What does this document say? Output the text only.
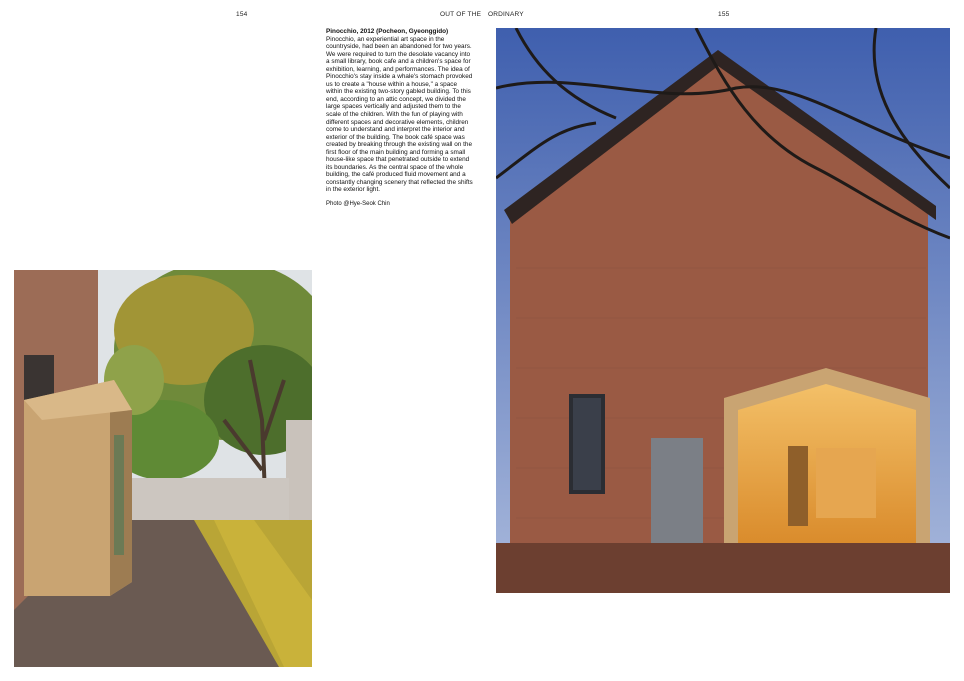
154	OUT OF THE ORDINARY	155
Pinocchio, 2012 (Pocheon, Gyeonggido)
Pinocchio, an experiential art space in the countryside, had been an abandoned for two years. We were required to turn the desolate vacancy into a small library, book cafe and a children's space for exhibition, learning, and performances. The idea of Pinocchio's stay inside a whale's stomach provoked us to create a "house within a house," a space within the existing two-story gabled building. To this end, according to an attic concept, we divided the large spaces vertically and adjusted them to the scale of the children. With the fun of playing with different spaces and decorative elements, children come to understand and interpret the interior and exterior of the building. The book café space was created by breaking through the existing wall on the first floor of the main building and forming a small house-like space that penetrated outside to extend its boundaries. As the central space of the whole building, the café produced fluid movement and a constantly changing scenery that reflected the shifts in the exterior light.
Photo @Hye-Seok Chin
